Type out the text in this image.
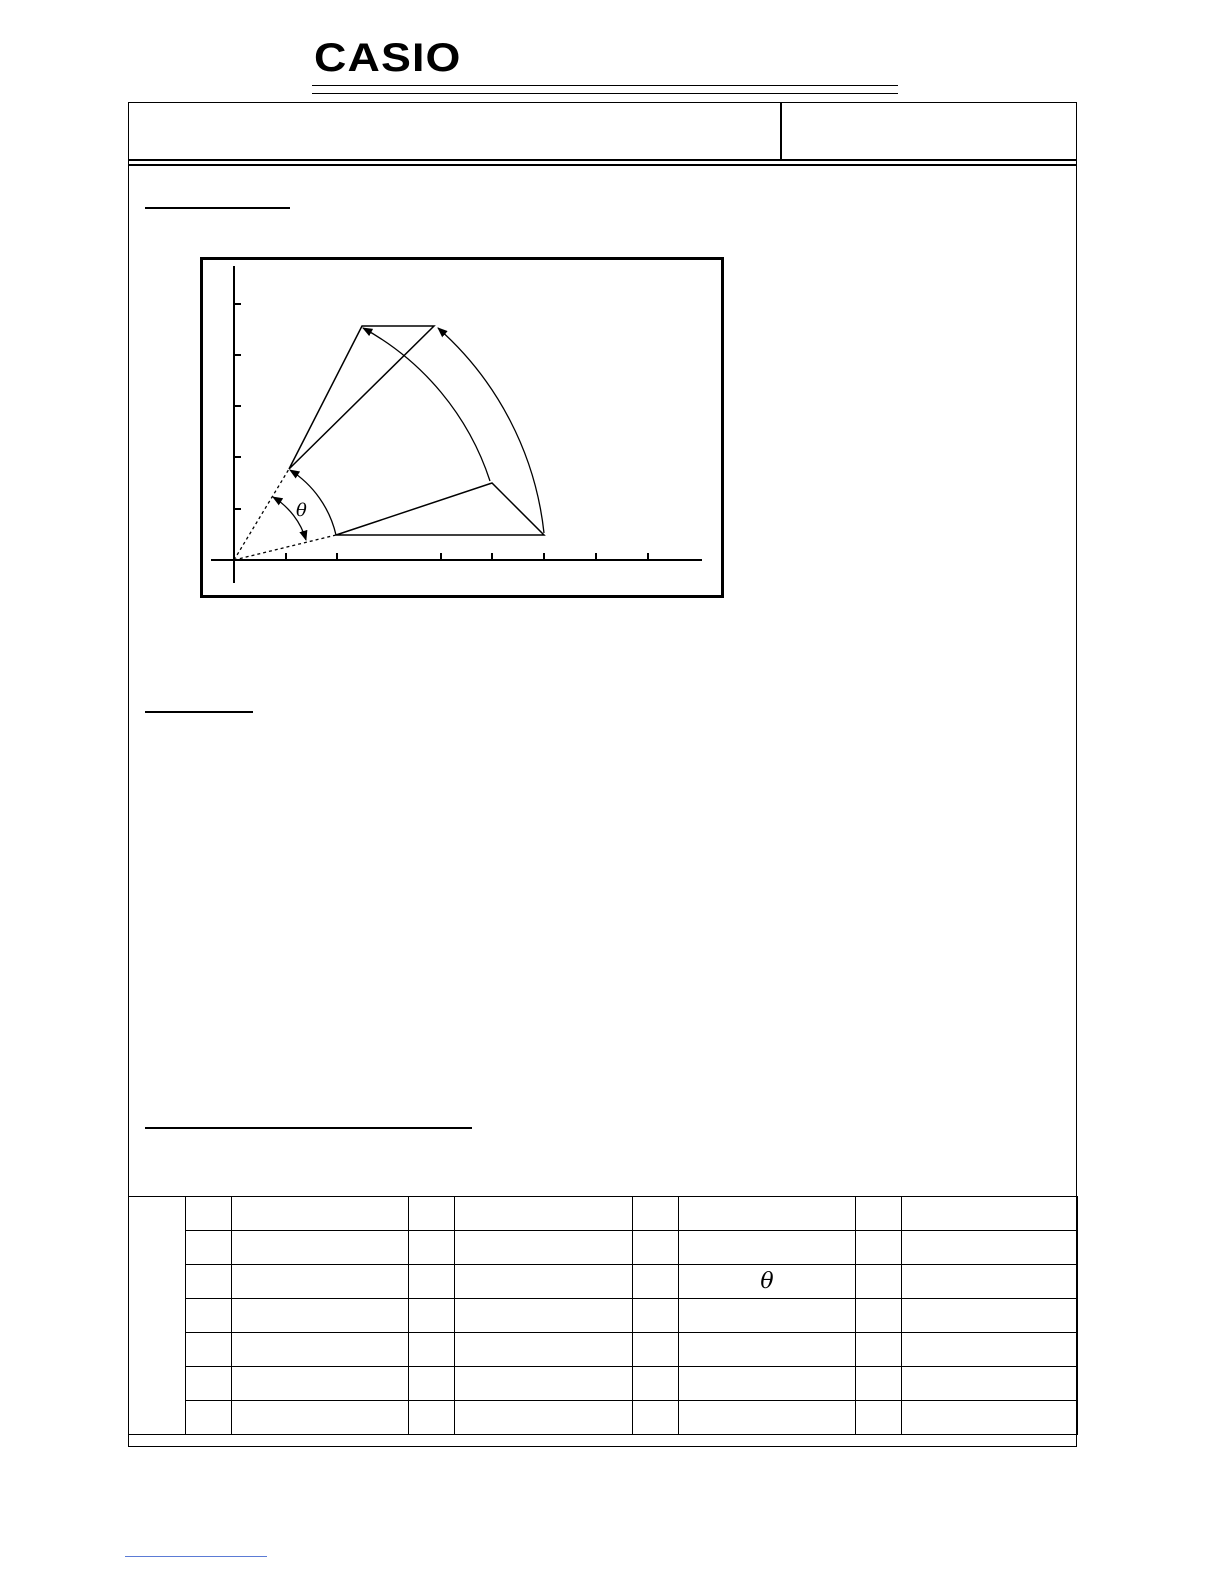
CASIO
θ

						θ		
